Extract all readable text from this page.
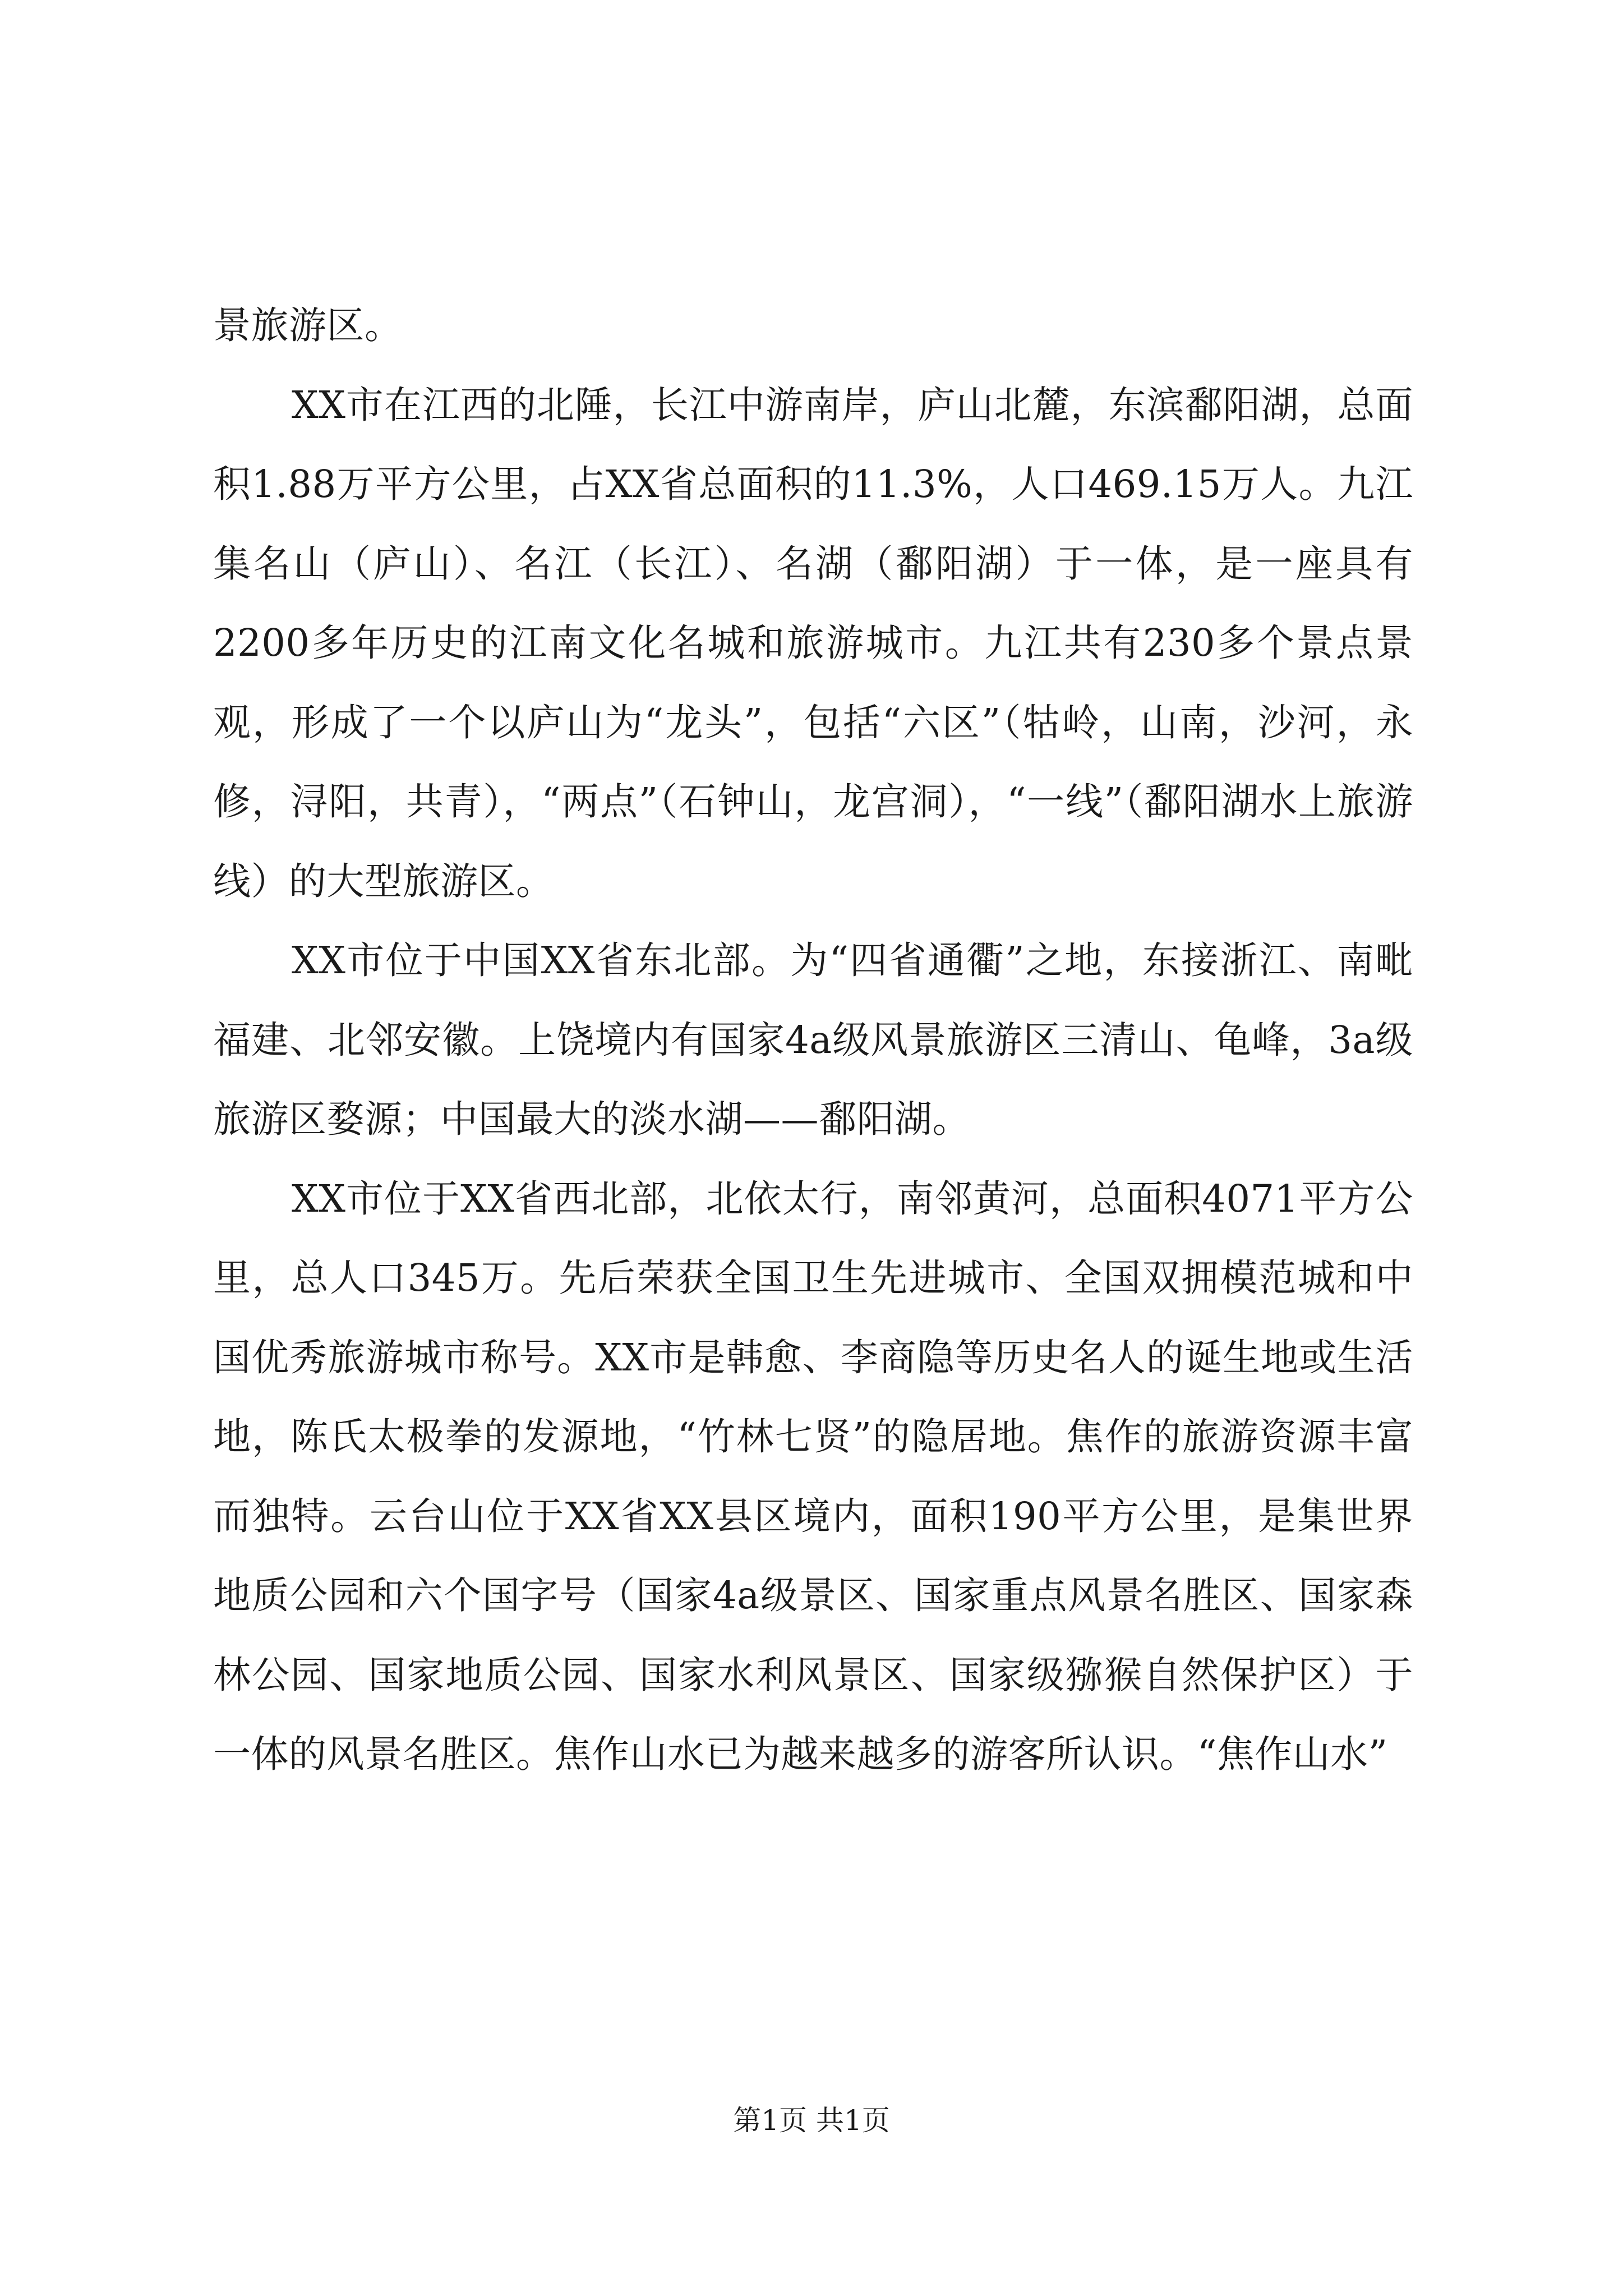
景旅游区。

XX市在江西的北陲，长江中游南岸，庐山北麓，东滨鄱阳湖，总面积1.88万平方公里，占XX省总面积的11.3%，人口469.15万人。九江集名山（庐山）、名江（长江）、名湖（鄱阳湖）于一体，是一座具有2200多年历史的江南文化名城和旅游城市。九江共有230多个景点景观，形成了一个以庐山为“龙头”，包括“六区”（牯岭，山南，沙河，永修，浔阳，共青），“两点”（石钟山，龙宫洞），“一线”（鄱阳湖水上旅游线）的大型旅游区。

XX市位于中国XX省东北部。为“四省通衢”之地，东接浙江、南毗福建、北邻安徽。上饶境内有国家4a级风景旅游区三清山、龟峰，3a级旅游区婺源；中国最大的淡水湖——鄱阳湖。

XX市位于XX省西北部，北依太行，南邻黄河，总面积4071平方公里，总人口345万。先后荣获全国卫生先进城市、全国双拥模范城和中国优秀旅游城市称号。XX市是韩愈、李商隐等历史名人的诞生地或生活地，陈氏太极拳的发源地，“竹林七贤”的隐居地。焦作的旅游资源丰富而独特。云台山位于XX省XX县区境内，面积190平方公里，是集世界地质公园和六个国字号（国家4a级景区、国家重点风景名胜区、国家森林公园、国家地质公园、国家水利风景区、国家级猕猴自然保护区）于一体的风景名胜区。焦作山水已为越来越多的游客所认识。“焦作山水”

第1页 共1页
